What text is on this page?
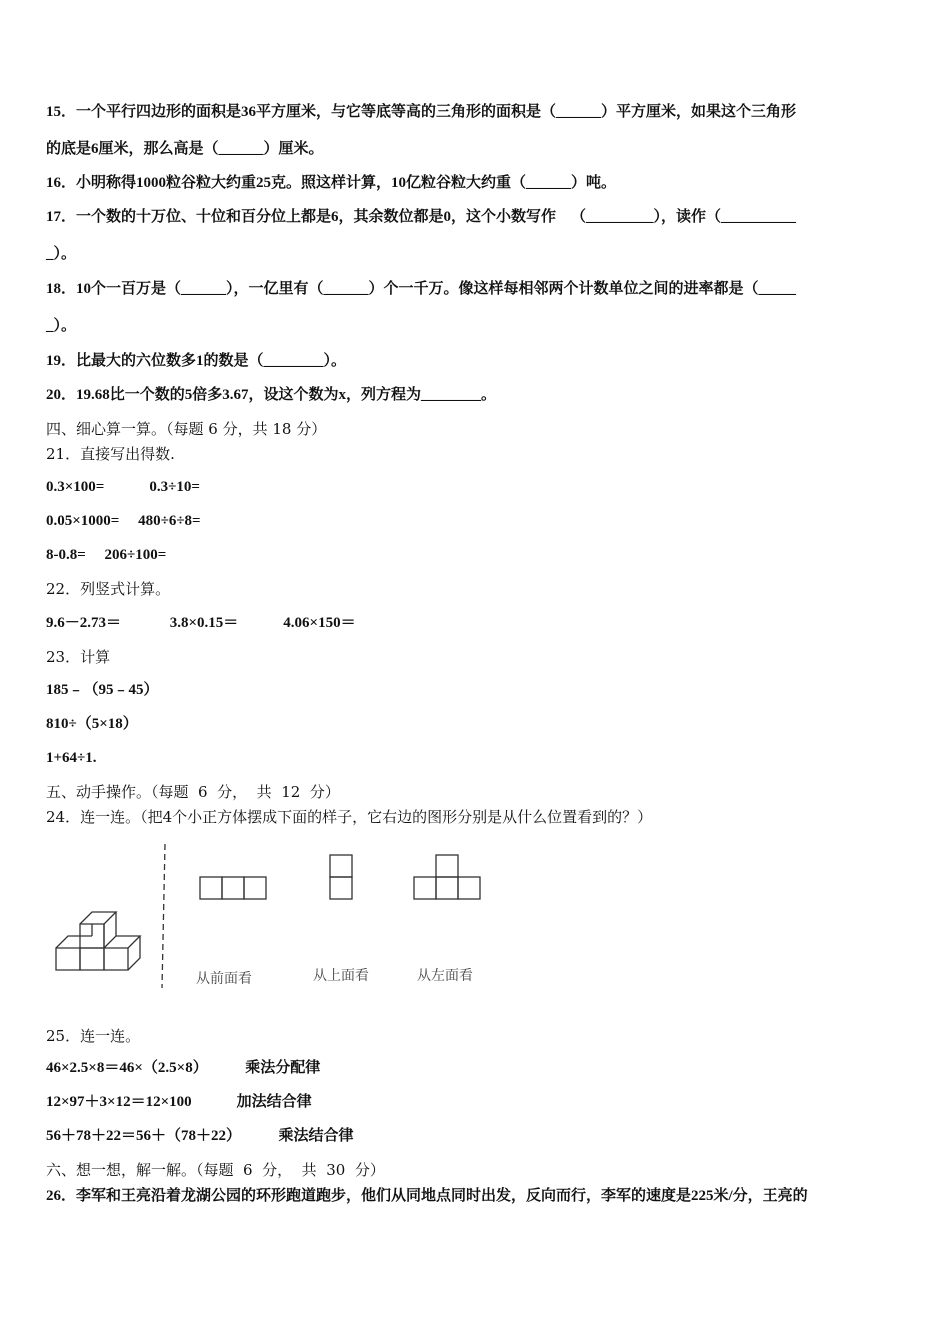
15．一个平行四边形的面积是36平方厘米，与它等底等高的三角形的面积是（______）平方厘米，如果这个三角形
的底是6厘米，那么高是（______）厘米。
16．小明称得1000粒谷粒大约重25克。照这样计算，10亿粒谷粒大约重（______）吨。
17．一个数的十万位、十位和百分位上都是6，其余数位都是0，这个小数写作    （_________），读作（__________
_）。
18．10个一百万是（______），一亿里有（______）个一千万。像这样每相邻两个计数单位之间的进率都是（_____
_）。
19．比最大的六位数多1的数是（________）。
20．19.68比一个数的5倍多3.67，设这个数为x，列方程为________。
四、细心算一算。（每题 6 分，共 18 分）
21．直接写出得数.
0.3×100=            0.3÷10=
0.05×1000=     480÷6÷8=
8-0.8=     206÷100=
22．列竖式计算。
9.6－2.73＝             3.8×0.15＝            4.06×150＝
23．计算
185﹣（95﹣45）
810÷（5×18）
1+64÷1.
五、动手操作。（每题  6  分，  共  12  分）
24．连一连。（把4个小正方体摆成下面的样子，它右边的图形分别是从什么位置看到的？）
从前面看	从上面看	从左面看
25．连一连。
46×2.5×8＝46×（2.5×8）          乘法分配律
12×97＋3×12＝12×100            加法结合律
56＋78＋22＝56＋（78＋22）          乘法结合律
六、想一想，解一解。（每题  6  分，  共  30  分）
26．李军和王亮沿着龙湖公园的环形跑道跑步，他们从同地点同时出发，反向而行，李军的速度是225米/分，王亮的
